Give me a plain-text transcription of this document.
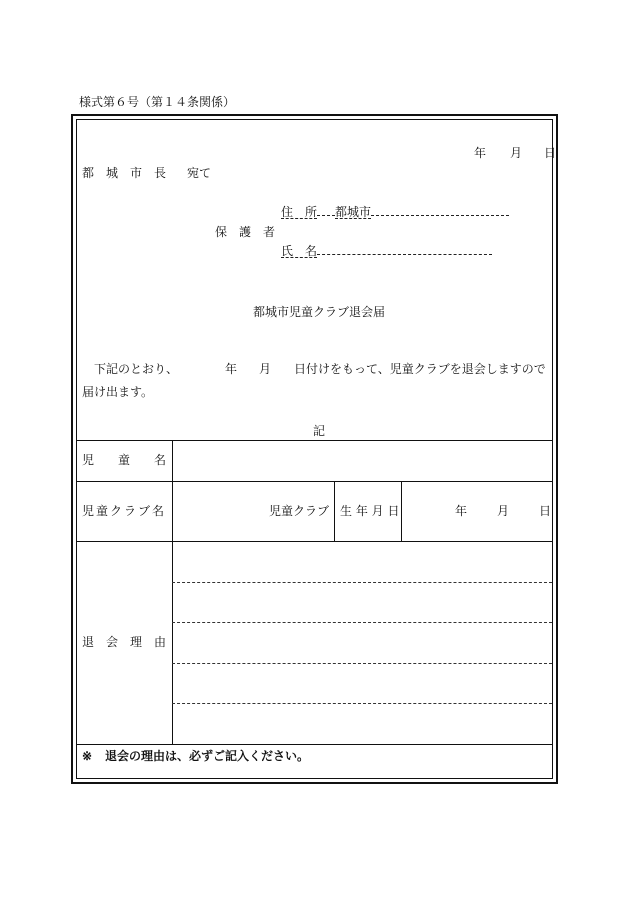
様式第６号（第１４条関係）
年 月 日
都　城　市　長 宛て
住　所 都城市
保　護　者
氏　名
都城市児童クラブ退会届
下記のとおり、	年 月 日付けをもって、児童クラブを退会しますので
届け出ます。
記
児　　童　　名
児童クラブ名	児童クラブ 生 年 月 日	年 月 日
退　会　理　由
※ 退会の理由は、必ずご記入ください。
